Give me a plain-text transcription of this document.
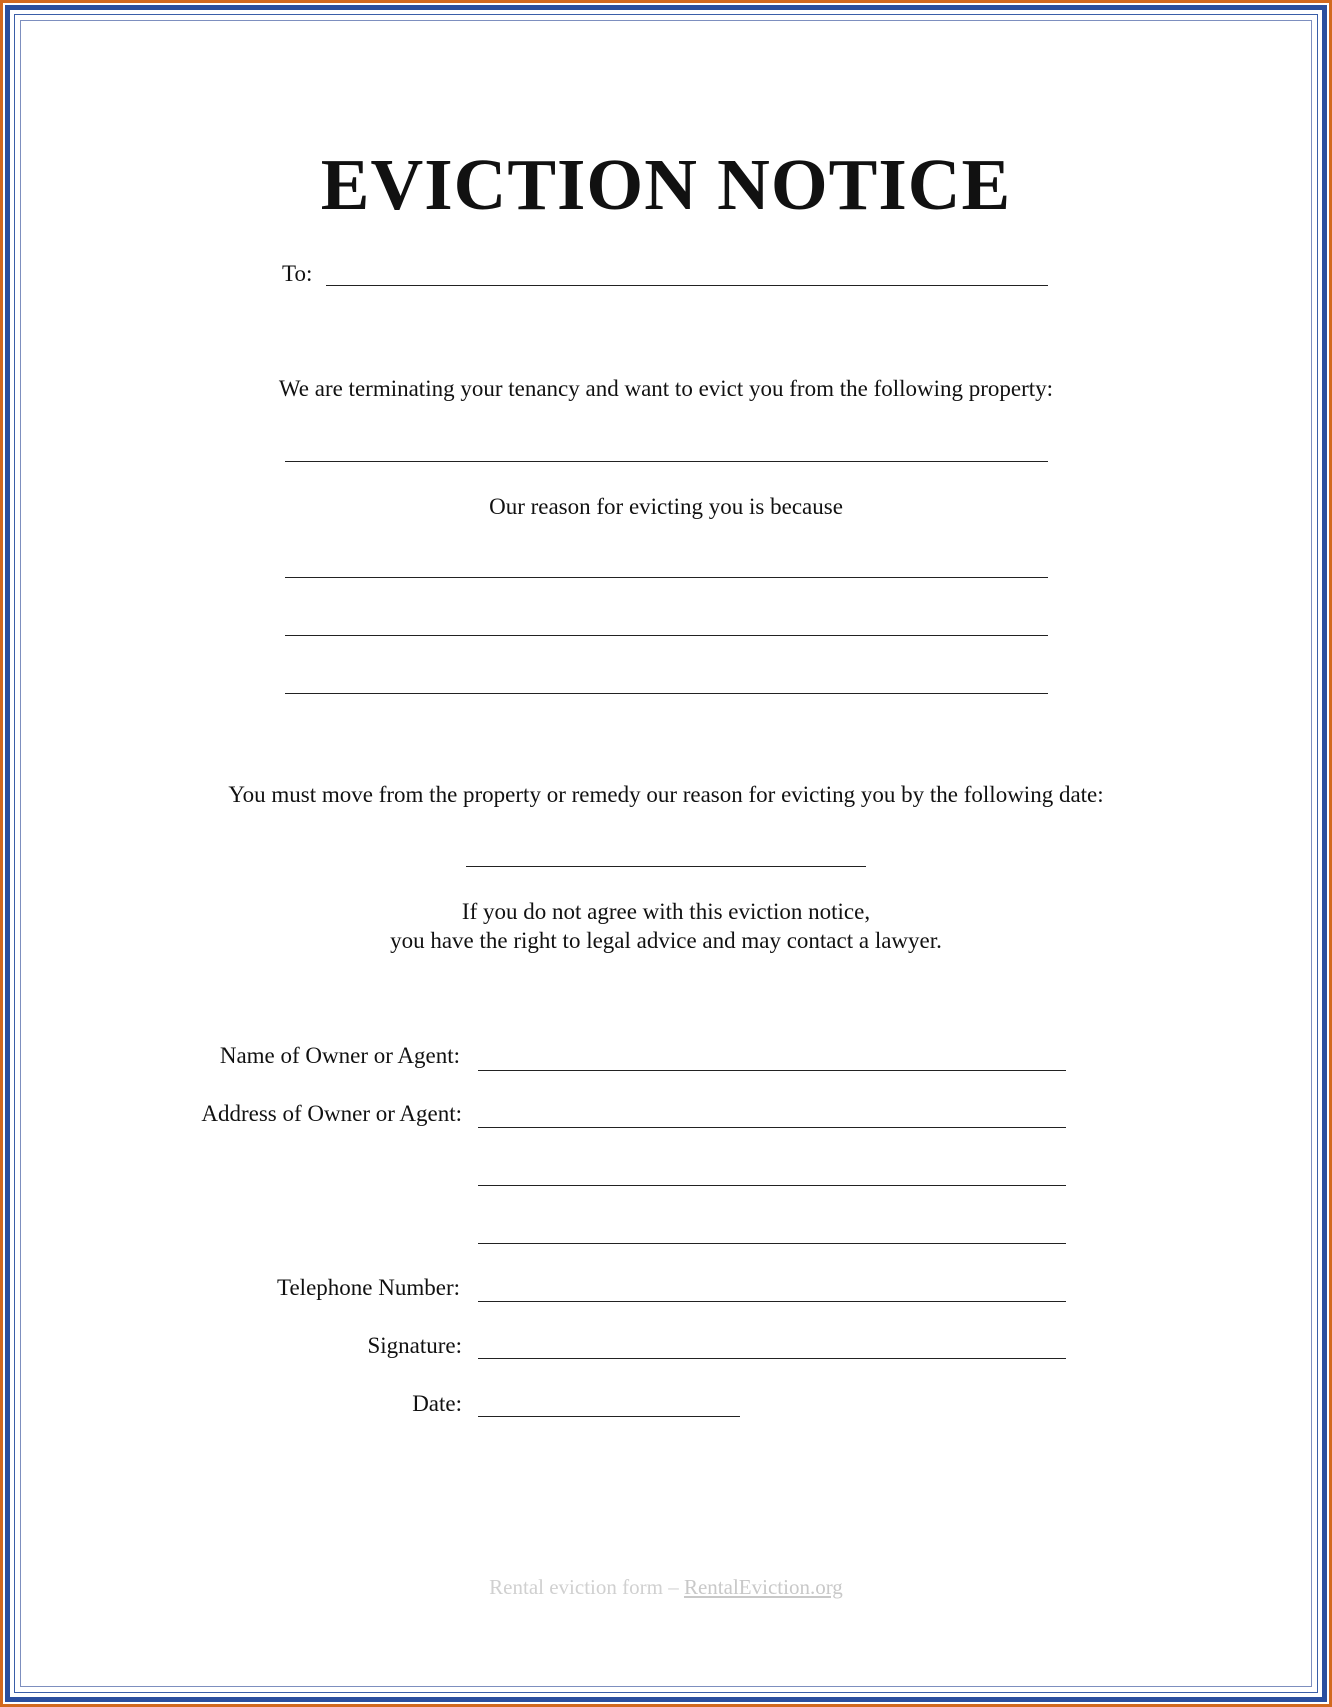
EVICTION NOTICE
To:
We are terminating your tenancy and want to evict you from the following property:
Our reason for evicting you is because
You must move from the property or remedy our reason for evicting you by the following date:
If you do not agree with this eviction notice,
you have the right to legal advice and may contact a lawyer.
Name of Owner or Agent:
Address of Owner or Agent:
Telephone Number:
Signature:
Date:
Rental eviction form – RentalEviction.org
